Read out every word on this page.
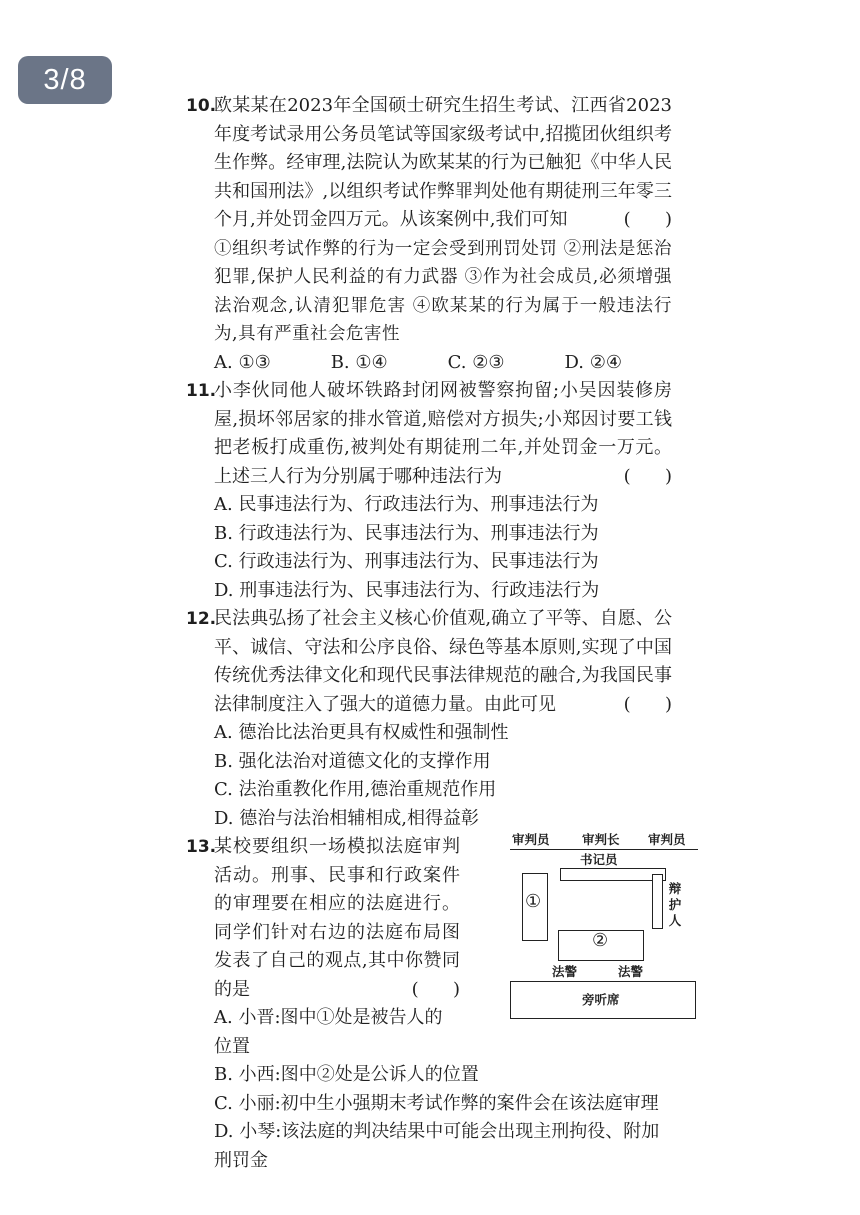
3/8
10.
欧某某在2023年全国硕士研究生招生考试、江西省2023年度考试录用公务员笔试等国家级考试中,招揽团伙组织考生作弊。经审理,法院认为欧某某的行为已触犯《中华人民共和国刑法》,以组织考试作弊罪判处他有期徒刑三年零三个月,并处罚金四万元。从该案例中,我们可知	(      )
①组织考试作弊的行为一定会受到刑罚处罚 ②刑法是惩治犯罪,保护人民利益的有力武器 ③作为社会成员,必须增强法治观念,认清犯罪危害 ④欧某某的行为属于一般违法行为,具有严重社会危害性
A. ①③	B. ①④	C. ②③	D. ②④
11.
小李伙同他人破坏铁路封闭网被警察拘留;小吴因装修房屋,损坏邻居家的排水管道,赔偿对方损失;小郑因讨要工钱把老板打成重伤,被判处有期徒刑二年,并处罚金一万元。上述三人行为分别属于哪种违法行为	(      )
A. 民事违法行为、行政违法行为、刑事违法行为
B. 行政违法行为、民事违法行为、刑事违法行为
C. 行政违法行为、刑事违法行为、民事违法行为
D. 刑事违法行为、民事违法行为、行政违法行为
12.
民法典弘扬了社会主义核心价值观,确立了平等、自愿、公平、诚信、守法和公序良俗、绿色等基本原则,实现了中国传统优秀法律文化和现代民事法律规范的融合,为我国民事法律制度注入了强大的道德力量。由此可见	(      )
A. 德治比法治更具有权威性和强制性
B. 强化法治对道德文化的支撑作用
C. 法治重教化作用,德治重规范作用
D. 德治与法治相辅相成,相得益彰
13.
某校要组织一场模拟法庭审判活动。刑事、民事和行政案件的审理要在相应的法庭进行。同学们针对右边的法庭布局图发表了自己的观点,其中你赞同的是	(      )
A. 小晋:图中①处是被告人的位置
审判员	审判长 审判员
书记员
①
辩护人
②
法警	法警
旁听席
B. 小西:图中②处是公诉人的位置
C. 小丽:初中生小强期末考试作弊的案件会在该法庭审理
D. 小琴:该法庭的判决结果中可能会出现主刑拘役、附加刑罚金
